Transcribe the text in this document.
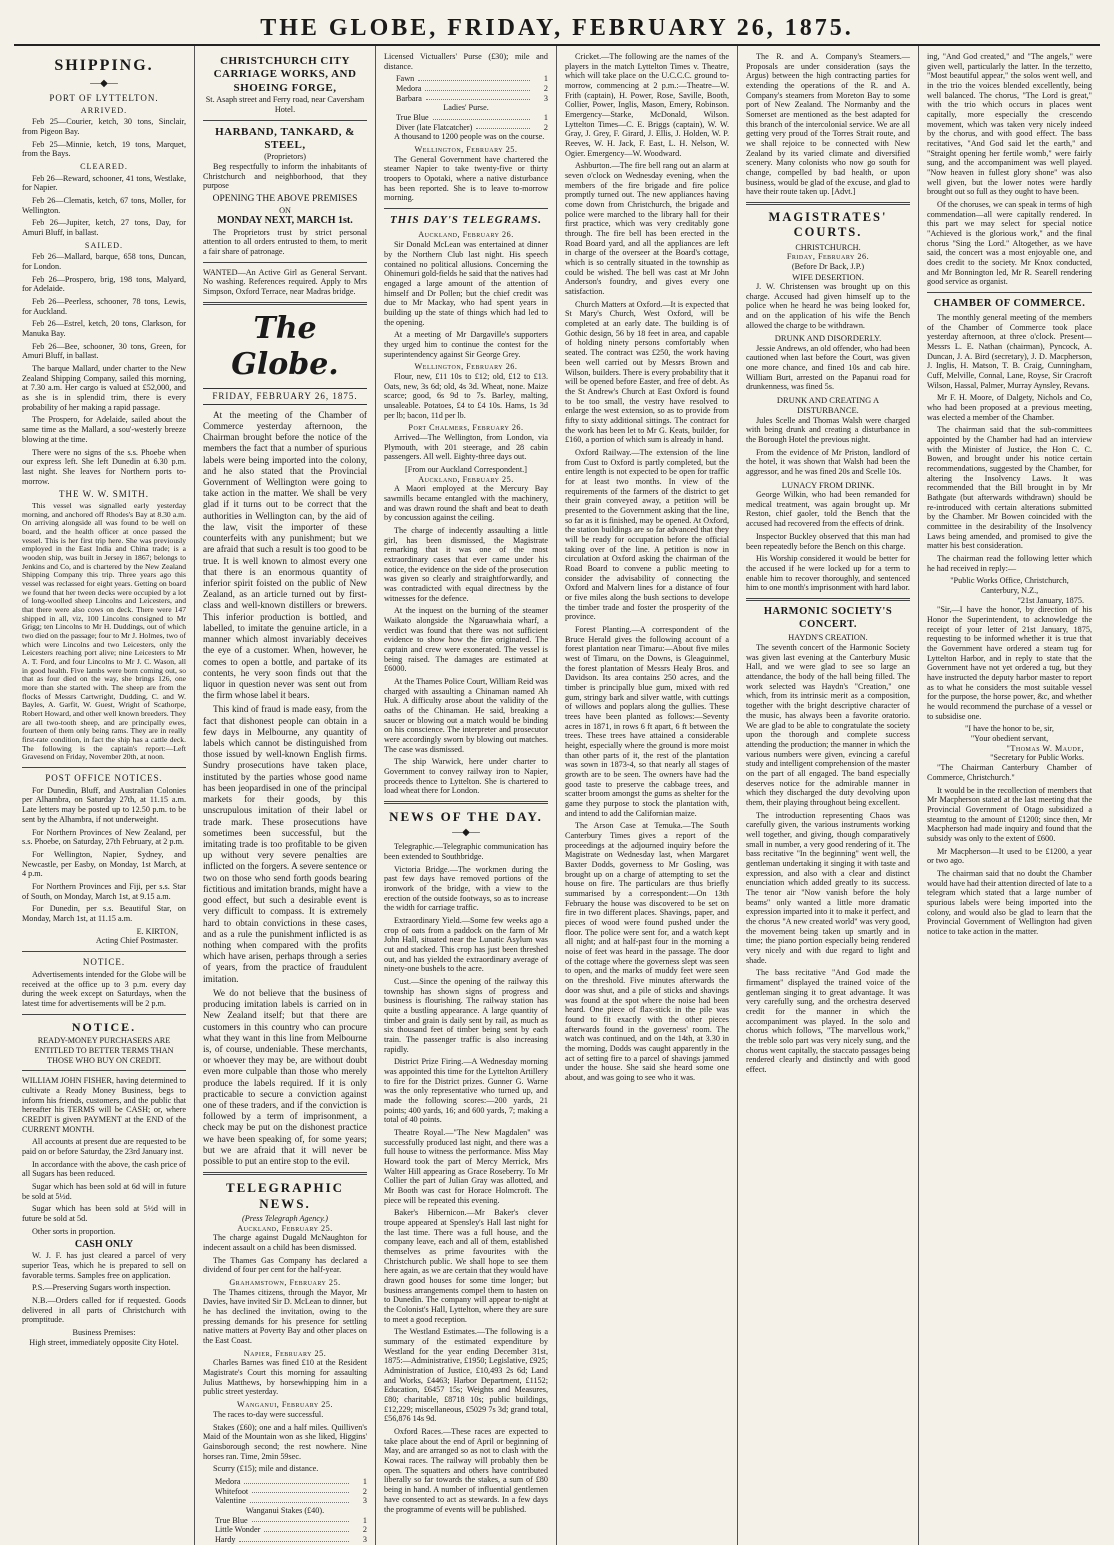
THE GLOBE, FRIDAY, FEBRUARY 26, 1875.
SHIPPING.
—◆—
PORT OF LYTTELTON.
ARRIVED.

Feb 25—Courier, ketch, 30 tons, Sinclair, from Pigeon Bay.

Feb 25—Minnie, ketch, 19 tons, Marquet, from the Bays.

CLEARED.

Feb 26—Reward, schooner, 41 tons, Westlake, for Napier.

Feb 26—Clematis, ketch, 67 tons, Moller, for Wellington.

Feb 26—Jupiter, ketch, 27 tons, Day, for Amuri Bluff, in ballast.

SAILED.

Feb 26—Mallard, barque, 658 tons, Duncan, for London.

Feb 26—Prospero, brig, 198 tons, Malyard, for Adelaide.

Feb 26—Peerless, schooner, 78 tons, Lewis, for Auckland.

Feb 26—Estrel, ketch, 20 tons, Clarkson, for Manuka Bay.

Feb 26—Bee, schooner, 30 tons, Green, for Amuri Bluff, in ballast.

The barque Mallard, under charter to the New Zealand Shipping Company, sailed this morning, at 7.30 a.m. Her cargo is valued at £52,000, and as she is in splendid trim, there is every probability of her making a rapid passage.

The Prospero, for Adelaide, sailed about the same time as the Mallard, a sou'-westerly breeze blowing at the time.

There were no signs of the s.s. Phoebe when our express left. She left Dunedin at 6.30 p.m. last night. She leaves for Northern ports to-morrow.

THE W. W. SMITH.

This vessel was signalled early yesterday morning, and anchored off Rhodes's Bay at 8.30 a.m. On arriving alongside all was found to be well on board, and the health officer at once passed the vessel. This is her first trip here. She was previously employed in the East India and China trade; is a wooden ship, was built in Jersey in 1867; belongs to Jenkins and Co, and is chartered by the New Zealand Shipping Company this trip. Three years ago this vessel was reclassed for eight years. Getting on board we found that her tween decks were occupied by a lot of long-woolled sheep Lincolns and Leicesters, and that there were also cows on deck. There were 147 shipped in all, viz, 100 Lincolns consigned to Mr Grigg; ten Lincolns to Mr H. Duddings, out of which two died on the passage; four to Mr J. Holmes, two of which were Lincolns and two Leicesters, only the Leicesters reaching port alive; nine Leicesters to Mr A. T. Ford, and four Lincolns to Mr J. C. Wason, all in good health. Five lambs were born coming out, so that as four died on the way, she brings 126, one more than she started with. The sheep are from the flocks of Messrs Cartwright, Dudding, C. and W. Bayles, A. Garfit, W. Guest, Wright of Scathorpe, Robert Howard, and other well known breeders. They are all two-tooth sheep, and are principally ewes, fourteen of them only being rams. They are in really first-rate condition, in fact the ship has a cattle deck. The following is the captain's report:—Left Gravesend on Friday, November 20th, at noon.

POST OFFICE NOTICES.

For Dunedin, Bluff, and Australian Colonies per Alhambra, on Saturday 27th, at 11.15 a.m. Late letters may be posted up to 12.50 p.m. to be sent by the Alhambra, if not underweight.

For Northern Provinces of New Zealand, per s.s. Phoebe, on Saturday, 27th February, at 2 p.m.

For Wellington, Napier, Sydney, and Newcastle, per Easby, on Monday, 1st March, at 4 p.m.

For Northern Provinces and Fiji, per s.s. Star of South, on Monday, March 1st, at 9.15 a.m.

For Dunedin, per s.s. Beautiful Star, on Monday, March 1st, at 11.15 a.m.

E. KIRTON,
Acting Chief Postmaster.
NOTICE.

Advertisements intended for the Globe will be received at the office up to 3 p.m. every day during the week except on Saturdays, when the latest time for advertisements will be 2 p.m.

NOTICE.
READY-MONEY PURCHASERS ARE ENTITLED TO BETTER TERMS THAN THOSE WHO BUY ON CREDIT.

WILLIAM JOHN FISHER, having determined to cultivate a Ready Money Business, begs to inform his friends, customers, and the public that hereafter his TERMS will be CASH; or, where CREDIT is given PAYMENT at the END of the CURRENT MONTH.

All accounts at present due are requested to be paid on or before Saturday, the 23rd January inst.

In accordance with the above, the cash price of all Sugars has been reduced.

Sugar which has been sold at 6d will in future be sold at 5½d.

Sugar which has been sold at 5½d will in future be sold at 5d.

Other sorts in proportion.

CASH ONLY

W. J. F. has just cleared a parcel of very superior Teas, which he is prepared to sell on favorable terms. Samples free on application.

P.S.—Preserving Sugars worth inspection.

N.B.—Orders called for if requested. Goods delivered in all parts of Christchurch with promptitude.

Business Premises:
High street, immediately opposite City Hotel.
CHRISTCHURCH CITY CARRIAGE WORKS, AND SHOEING FORGE,
St. Asaph street and Ferry road, near Caversham Hotel.
HARBAND, TANKARD, & STEEL,
(Proprietors)

Beg respectfully to inform the inhabitants of Christchurch and neighborhood, that they purpose

OPENING THE ABOVE PREMISES
ON
MONDAY NEXT, MARCH 1st.

The Proprietors trust by strict personal attention to all orders entrusted to them, to merit a fair share of patronage.

WANTED—An Active Girl as General Servant. No washing. References required. Apply to Mrs Simpson, Oxford Terrace, near Madras bridge.

The Globe.
FRIDAY, FEBRUARY 26, 1875.

At the meeting of the Chamber of Commerce yesterday afternoon, the Chairman brought before the notice of the members the fact that a number of spurious labels were being imported into the colony, and he also stated that the Provincial Government of Wellington were going to take action in the matter. We shall be very glad if it turns out to be correct that the authorities in Wellington can, by the aid of the law, visit the importer of these counterfeits with any punishment; but we are afraid that such a result is too good to be true. It is well known to almost every one that there is an enormous quantity of inferior spirit foisted on the public of New Zealand, as an article turned out by first-class and well-known distillers or brewers. This inferior production is bottled, and labelled, to imitate the genuine article, in a manner which almost invariably deceives the eye of a customer. When, however, he comes to open a bottle, and partake of its contents, he very soon finds out that the liquor in question never was sent out from the firm whose label it bears.

This kind of fraud is made easy, from the fact that dishonest people can obtain in a few days in Melbourne, any quantity of labels which cannot be distinguished from those issued by well-known English firms. Sundry prosecutions have taken place, instituted by the parties whose good name has been jeopardised in one of the principal markets for their goods, by this unscrupulous imitation of their label or trade mark. These prosecutions have sometimes been successful, but the imitating trade is too profitable to be given up without very severe penalties are inflicted on the forgers. A severe sentence or two on those who send forth goods bearing fictitious and imitation brands, might have a good effect, but such a desirable event is very difficult to compass. It is extremely hard to obtain convictions in these cases, and as a rule the punishment inflicted is as nothing when compared with the profits which have arisen, perhaps through a series of years, from the practice of fraudulent imitation.

We do not believe that the business of producing imitation labels is carried on in New Zealand itself; but that there are customers in this country who can procure what they want in this line from Melbourne is, of course, undeniable. These merchants, or whoever they may be, are without doubt even more culpable than those who merely produce the labels required. If it is only practicable to secure a conviction against one of these traders, and if the conviction is followed by a term of imprisonment, a check may be put on the dishonest practice we have been speaking of, for some years; but we are afraid that it will never be possible to put an entire stop to the evil.

TELEGRAPHIC NEWS.
(Press Telegraph Agency.)
Auckland, February 25.

The charge against Dugald McNaughton for indecent assault on a child has been dismissed.

The Thames Gas Company has declared a dividend of four per cent for the half-year.

Grahamstown, February 25.

The Thames citizens, through the Mayor, Mr Davies, have invited Sir D. McLean to dinner, but he has declined the invitation, owing to the pressing demands for his presence for settling native matters at Poverty Bay and other places on the East Coast.

Napier, February 25.

Charles Barnes was fined £10 at the Resident Magistrate's Court this morning for assaulting Julius Matthews, by horsewhipping him in a public street yesterday.

Wanganui, February 25.

The races to-day were successful.

Stakes (£60); one and a half miles. Quilliven's Maid of the Mountain won as she liked, Higgins' Gainsborough second; the rest nowhere. Nine horses ran. Time, 2min 59sec.

Scurry (£15); mile and distance.

Medora	1
Whitefoot	2
Valentine	3
Wanganui Stakes (£40).
True Blue	1
Little Wonder	2
Hardy	3

Licensed Victuallers' Purse (£30); mile and distance.

Fawn	1
Medora	2
Barbara	3
Ladies' Purse.
True Blue	1
Diver (late Flatcatcher)	2

A thousand to 1200 people was on the course.

Wellington, February 25.

The General Government have chartered the steamer Napier to take twenty-five or thirty troopers to Opotaki, where a native disturbance has been reported. She is to leave to-morrow morning.

THIS DAY'S TELEGRAMS.
Auckland, February 26.

Sir Donald McLean was entertained at dinner by the Northern Club last night. His speech contained no political allusions. Concerning the Ohinemuri gold-fields he said that the natives had engaged a large amount of the attention of himself and Dr Pollen; but the chief credit was due to Mr Mackay, who had spent years in building up the state of things which had led to the opening.

At a meeting of Mr Dargaville's supporters they urged him to continue the contest for the superintendency against Sir George Grey.

Wellington, February 26.

Flour, new, £11 10s to £12; old, £12 to £13. Oats, new, 3s 6d; old, 4s 3d. Wheat, none. Maize scarce; good, 6s 9d to 7s. Barley, malting, unsaleable. Potatoes, £4 to £4 10s. Hams, 1s 3d per lb; bacon, 11d per lb.

Port Chalmers, February 26.

Arrived—The Wellington, from London, via Plymouth, with 201 steerage, and 28 cabin passengers. All well. Eighty-three days out.

[From our Auckland Correspondent.]
Auckland, February 25.

A Maori employed at the Mercury Bay sawmills became entangled with the machinery, and was drawn round the shaft and beat to death by concussion against the ceiling.

The charge of indecently assaulting a little girl, has been dismissed, the Magistrate remarking that it was one of the most extraordinary cases that ever came under his notice, the evidence on the side of the prosecution was given so clearly and straightforwardly, and was contradicted with equal directness by the witnesses for the defence.

At the inquest on the burning of the steamer Waikato alongside the Ngaruawhaia wharf, a verdict was found that there was not sufficient evidence to show how the fire originated. The captain and crew were exonerated. The vessel is being raised. The damages are estimated at £6000.

At the Thames Police Court, William Reid was charged with assaulting a Chinaman named Ah Huk. A difficulty arose about the validity of the oaths of the Chinaman. He said, breaking a saucer or blowing out a match would be binding on his conscience. The interpreter and prosecutor were accordingly sworn by blowing out matches. The case was dismissed.

The ship Warwick, here under charter to Government to convey railway iron to Napier, proceeds thence to Lyttelton. She is chartered to load wheat there for London.

NEWS OF THE DAY.
—◆—

Telegraphic.—Telegraphic communication has been extended to Southbridge.

Victoria Bridge.—The workmen during the past few days have removed portions of the ironwork of the bridge, with a view to the erection of the outside footways, so as to increase the width for carriage traffic.

Extraordinary Yield.—Some few weeks ago a crop of oats from a paddock on the farm of Mr John Hall, situated near the Lunatic Asylum was cut and stacked. This crop has just been threshed out, and has yielded the extraordinary average of ninety-one bushels to the acre.

Cust.—Since the opening of the railway this township has shown signs of progress and business is flourishing. The railway station has quite a bustling appearance. A large quantity of timber and grain is daily sent by rail, as much as six thousand feet of timber being sent by each train. The passenger traffic is also increasing rapidly.

District Prize Firing.—A Wednesday morning was appointed this time for the Lyttelton Artillery to fire for the District prizes. Gunner G. Warne was the only representative who turned up, and made the following scores:—200 yards, 21 points; 400 yards, 16; and 600 yards, 7; making a total of 40 points.

Theatre Royal.—"The New Magdalen" was successfully produced last night, and there was a full house to witness the performance. Miss May Howard took the part of Mercy Merrick, Mrs Walter Hill appearing as Grace Roseberry. To Mr Collier the part of Julian Gray was allotted, and Mr Booth was cast for Horace Holmcroft. The piece will be repeated this evening.

Baker's Hibernicon.—Mr Baker's clever troupe appeared at Spensley's Hall last night for the last time. There was a full house, and the company leave, each and all of them, established themselves as prime favourites with the Christchurch public. We shall hope to see them here again, as we are certain that they would have drawn good houses for some time longer; but business arrangements compel them to hasten on to Dunedin. The company will appear to-night at the Colonist's Hall, Lyttelton, where they are sure to meet a good reception.

The Westland Estimates.—The following is a summary of the estimated expenditure by Westland for the year ending December 31st, 1875:—Administrative, £1950; Legislative, £925; Administration of Justice, £10,493 2s 6d; Land and Works, £4463; Harbor Department, £1152; Education, £6457 15s; Weights and Measures, £80; charitable, £8718 10s; public buildings, £12,229; miscellaneous, £5029 7s 3d; grand total, £56,876 14s 9d.

Oxford Races.—These races are expected to take place about the end of April or beginning of May, and are arranged so as not to clash with the Kowai races. The railway will probably then be open. The squatters and others have contributed liberally so far towards the stakes, a sum of £80 being in hand. A number of influential gentlemen have consented to act as stewards. In a few days the programme of events will be published.

Cricket.—The following are the names of the players in the match Lyttelton Times v. Theatre, which will take place on the U.C.C.C. ground to-morrow, commencing at 2 p.m.:—Theatre—W. Frith (captain), H. Power, Rose, Saville, Booth, Collier, Power, Inglis, Mason, Emery, Robinson. Emergency—Starke, McDonald, Wilson. Lyttelton Times—C. E. Briggs (captain), W. W. Gray, J. Grey, F. Girard, J. Ellis, J. Holden, W. P. Reeves, W. H. Jack, F. East, L. H. Nelson, W. Ogier. Emergency—W. Woodward.

Ashburton.—The fire bell rang out an alarm at seven o'clock on Wednesday evening, when the members of the fire brigade and fire police promptly turned out. The new appliances having come down from Christchurch, the brigade and police were marched to the library hall for their first practice, which was very creditably gone through. The fire bell has been erected in the Road Board yard, and all the appliances are left in charge of the overseer at the Board's cottage, which is so centrally situated in the township as could be wished. The bell was cast at Mr John Anderson's foundry, and gives every one satisfaction.

Church Matters at Oxford.—It is expected that St Mary's Church, West Oxford, will be completed at an early date. The building is of Gothic design, 56 by 18 feet in area, and capable of holding ninety persons comfortably when seated. The contract was £250, the work having been well carried out by Messrs Brown and Wilson, builders. There is every probability that it will be opened before Easter, and free of debt. As the St Andrew's Church at East Oxford is found to be too small, the vestry have resolved to enlarge the west extension, so as to provide from fifty to sixty additional sittings. The contract for the work has been let to Mr G. Keats, builder, for £160, a portion of which sum is already in hand.

Oxford Railway.—The extension of the line from Cust to Oxford is partly completed, but the entire length is not expected to be open for traffic for at least two months. In view of the requirements of the farmers of the district to get their grain conveyed away, a petition will be presented to the Government asking that the line, so far as it is finished, may be opened. At Oxford, the station buildings are so far advanced that they will be ready for occupation before the official taking over of the line. A petition is now in circulation at Oxford asking the chairman of the Road Board to convene a public meeting to consider the advisability of connecting the Oxford and Malvern lines for a distance of four or five miles along the bush sections to develope the timber trade and foster the prosperity of the province.

Forest Planting.—A correspondent of the Bruce Herald gives the following account of a forest plantation near Timaru:—About five miles west of Timaru, on the Downs, is Gleaguinmel, the forest plantation of Messrs Healy Bros. and Davidson. Its area contains 250 acres, and the timber is principally blue gum, mixed with red gum, stringy bark and silver wattle, with cuttings of willows and poplars along the gullies. These trees have been planted as follows:—Seventy acres in 1871, in rows 6 ft apart, 6 ft between the trees. These trees have attained a considerable height, especially where the ground is more moist than other parts of it, the rest of the plantation was sown in 1873-4, so that nearly all stages of growth are to be seen. The owners have had the good taste to preserve the cabbage trees, and scatter broom amongst the gums as shelter for the game they purpose to stock the plantation with, and intend to add the Californian maize.

The Arson Case at Temuka.—The South Canterbury Times gives a report of the proceedings at the adjourned inquiry before the Magistrate on Wednesday last, when Margaret Baxter Dodds, governess to Mr Gosling, was brought up on a charge of attempting to set the house on fire. The particulars are thus briefly summarised by a correspondent:—On 13th February the house was discovered to be set on fire in two different places. Shavings, paper, and pieces of wood were found pushed under the floor. The police were sent for, and a watch kept all night; and at half-past four in the morning a noise of feet was heard in the passage. The door of the cottage where the governess slept was seen to open, and the marks of muddy feet were seen on the threshold. Five minutes afterwards the door was shut, and a pile of sticks and shavings was found at the spot where the noise had been heard. One piece of flax-stick in the pile was found to fit exactly with the other pieces afterwards found in the governess' room. The watch was continued, and on the 14th, at 3.30 in the morning, Dodds was caught apparently in the act of setting fire to a parcel of shavings jammed under the house. She said she heard some one about, and was going to see who it was.

The R. and A. Company's Steamers.—Proposals are under consideration (says the Argus) between the high contracting parties for extending the operations of the R. and A. Company's steamers from Moreton Bay to some port of New Zealand. The Normanby and the Somerset are mentioned as the best adapted for this branch of the intercolonial service. We are all getting very proud of the Torres Strait route, and we shall rejoice to be connected with New Zealand by its varied climate and diversified scenery. Many colonists who now go south for change, compelled by bad health, or upon business, would be glad of the excuse, and glad to have their route taken up. [Advt.]

MAGISTRATES' COURTS.
CHRISTCHURCH.
Friday, February 26.
(Before Dr Back, J.P.)
WIFE DESERTION.

J. W. Christensen was brought up on this charge. Accused had given himself up to the police when he heard he was being looked for, and on the application of his wife the Bench allowed the charge to be withdrawn.

DRUNK AND DISORDERLY.

Jessie Andrews, an old offender, who had been cautioned when last before the Court, was given one more chance, and fined 10s and cab hire. William Burt, arrested on the Papanui road for drunkenness, was fined 5s.

DRUNK AND CREATING A DISTURBANCE.

Jules Scelle and Thomas Walsh were charged with being drunk and creating a disturbance in the Borough Hotel the previous night.

From the evidence of Mr Priston, landlord of the hotel, it was shown that Walsh had been the aggressor, and he was fined 20s and Scelle 10s.

LUNACY FROM DRINK.

George Wilkin, who had been remanded for medical treatment, was again brought up. Mr Reston, chief gaoler, told the Bench that the accused had recovered from the effects of drink.

Inspector Buckley observed that this man had been repeatedly before the Bench on this charge.

His Worship considered it would be better for the accused if he were locked up for a term to enable him to recover thoroughly, and sentenced him to one month's imprisonment with hard labor.

HARMONIC SOCIETY'S CONCERT.
HAYDN'S CREATION.

The seventh concert of the Harmonic Society was given last evening at the Canterbury Music Hall, and we were glad to see so large an attendance, the body of the hall being filled. The work selected was Haydn's "Creation," one which, from its intrinsic merit as a composition, together with the bright descriptive character of the music, has always been a favorite oratorio. We are glad to be able to congratulate the society upon the thorough and complete success attending the production; the manner in which the various numbers were given, evincing a careful study and intelligent comprehension of the master on the part of all engaged. The band especially deserves notice for the admirable manner in which they discharged the duty devolving upon them, their playing throughout being excellent.

The introduction representing Chaos was carefully given, the various instruments working well together, and giving, though comparatively small in number, a very good rendering of it. The bass recitative "In the beginning" went well, the gentleman undertaking it singing it with taste and expression, and also with a clear and distinct enunciation which added greatly to its success. The tenor air "Now vanish before the holy beams" only wanted a little more dramatic expression imparted into it to make it perfect, and the chorus "A new created world" was very good, the movement being taken up smartly and in time; the piano portion especially being rendered very nicely and with due regard to light and shade.

The bass recitative "And God made the firmament" displayed the trained voice of the gentleman singing it to great advantage. It was very carefully sung, and the orchestra deserved credit for the manner in which the accompaniment was played. In the solo and chorus which follows, "The marvellous work," the treble solo part was very nicely sung, and the chorus went capitally, the staccato passages being rendered clearly and distinctly and with good effect.

ing, "And God created," and "The angels," were given well, particularly the latter. In the terzetto, "Most beautiful appear," the solos went well, and in the trio the voices blended excellently, being well balanced. The chorus, "The Lord is great," with the trio which occurs in places went capitally, more especially the crescendo movement, which was taken very nicely indeed by the chorus, and with good effect. The bass recitatives, "And God said let the earth," and "Straight opening her fertile womb," were fairly sung, and the accompaniment was well played. "Now heaven in fullest glory shone" was also well given, but the lower notes were hardly brought out so full as they ought to have been.

Of the choruses, we can speak in terms of high commendation—all were capitally rendered. In this part we may select for special notice "Achieved is the glorious work," and the final chorus "Sing the Lord." Altogether, as we have said, the concert was a most enjoyable one, and does credit to the society. Mr Knox conducted, and Mr Bonnington led, Mr R. Searell rendering good service as organist.

CHAMBER OF COMMERCE.

The monthly general meeting of the members of the Chamber of Commerce took place yesterday afternoon, at three o'clock. Present—Messrs L. E. Nathan (chairman), Pyncock, A. Duncan, J. A. Bird (secretary), J. D. Macpherson, J. Inglis, H. Matson, T. B. Craig, Cunningham, Cuff, Melville, Connal, Lane, Royse, Sir Cracroft Wilson, Hassal, Palmer, Murray Aynsley, Revans.

Mr F. H. Moore, of Dalgety, Nichols and Co, who had been proposed at a previous meeting, was elected a member of the Chamber.

The chairman said that the sub-committees appointed by the Chamber had had an interview with the Minister of Justice, the Hon C. C. Bowen, and brought under his notice certain recommendations, suggested by the Chamber, for altering the Insolvency Laws. It was recommended that the Bill brought in by Mr Bathgate (but afterwards withdrawn) should be re-introduced with certain alterations submitted by the Chamber. Mr Bowen coincided with the committee in the desirability of the Insolvency Laws being amended, and promised to give the matter his best consideration.

The chairman read the following letter which he had received in reply:—

"Public Works Office, Christchurch,
Canterbury, N.Z.,
"21st January, 1875.

"Sir,—I have the honor, by direction of his Honor the Superintendent, to acknowledge the receipt of your letter of 21st January, 1875, requesting to be informed whether it is true that the Government have ordered a steam tug for Lyttelton Harbor, and in reply to state that the Government have not yet ordered a tug, but they have instructed the deputy harbor master to report as to what he considers the most suitable vessel for the purpose, the horse power, &c, and whether he would recommend the purchase of a vessel or to subsidise one.

"I have the honor to be, sir,
"Your obedient servant,
"Thomas W. Maude,
"Secretary for Public Works.

"The Chairman Canterbury Chamber of Commerce, Christchurch."

It would be in the recollection of members that Mr Macpherson stated at the last meeting that the Provincial Government of Otago subsidized a steamtug to the amount of £1200; since then, Mr Macpherson had made inquiry and found that the subsidy was only to the extent of £600.

Mr Macpherson—It used to be £1200, a year or two ago.

The chairman said that no doubt the Chamber would have had their attention directed of late to a telegram which stated that a large number of spurious labels were being imported into the colony, and would also be glad to learn that the Provincial Government of Wellington had given notice to take action in the matter.
